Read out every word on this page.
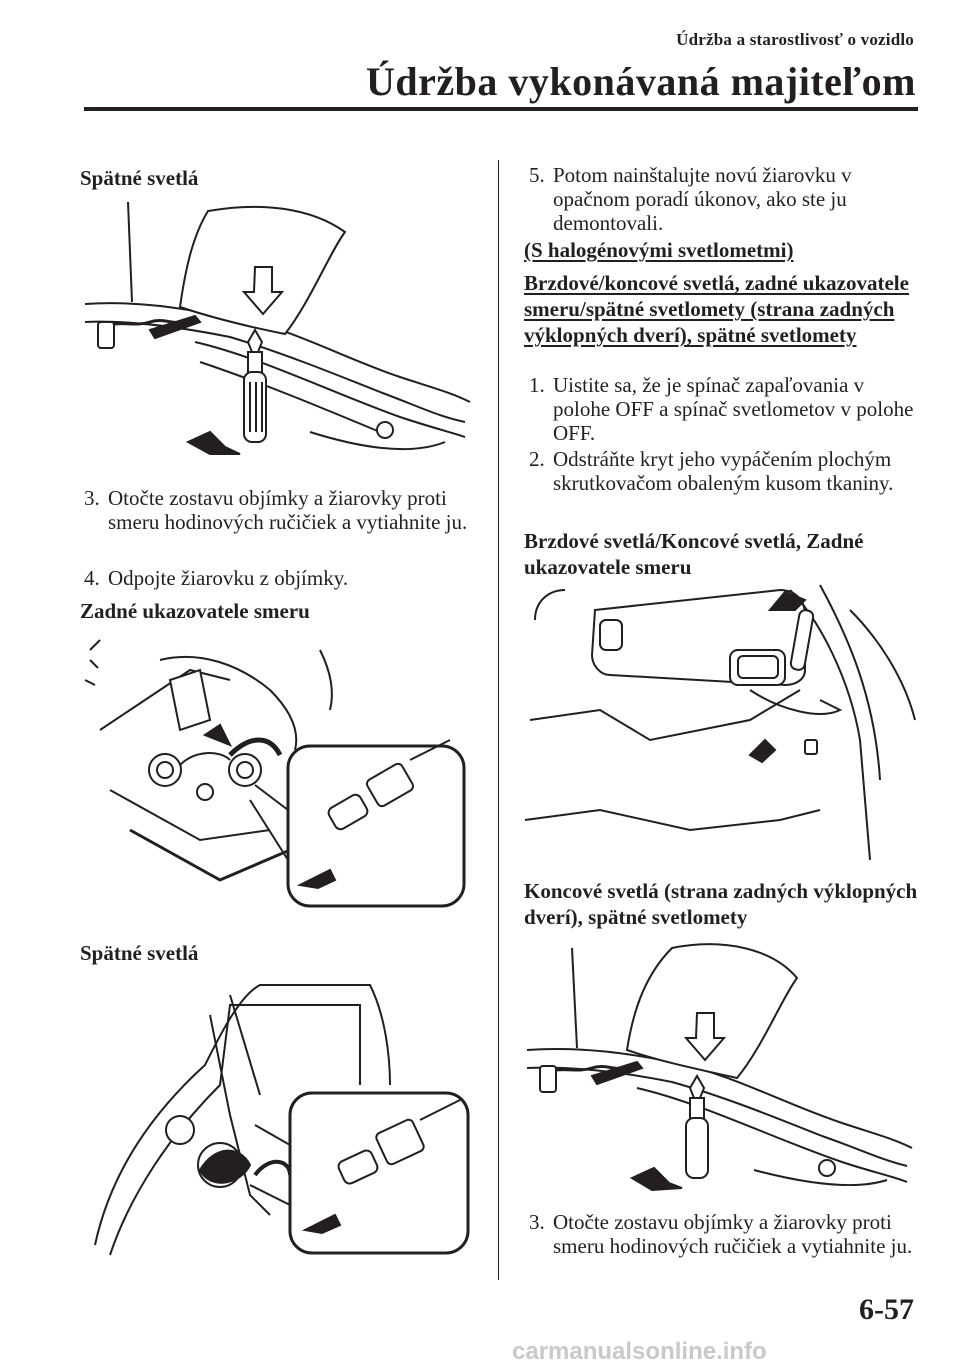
Údržba a starostlivosť o vozidlo
Údržba vykonávaná majiteľom
Spätné svetlá
3. Otočte zostavu objímky a žiarovky proti smeru hodinových ručičiek a vytiahnite ju.
4. Odpojte žiarovku z objímky.
Zadné ukazovatele smeru
Spätné svetlá
5. Potom nainštalujte novú žiarovku v opačnom poradí úkonov, ako ste ju demontovali.
(S halogénovými svetlometmi)
Brzdové/koncové svetlá, zadné ukazovatele smeru/spätné svetlomety (strana zadných výklopných dverí), spätné svetlomety
1. Uistite sa, že je spínač zapaľovania v polohe OFF a spínač svetlometov v polohe OFF.
2. Odstráňte kryt jeho vypáčením plochým skrutkovačom obaleným kusom tkaniny.
Brzdové svetlá/Koncové svetlá, Zadné ukazovatele smeru
Koncové svetlá (strana zadných výklopných dverí), spätné svetlomety
3. Otočte zostavu objímky a žiarovky proti smeru hodinových ručičiek a vytiahnite ju.
6-57
carmanualsonline.info
